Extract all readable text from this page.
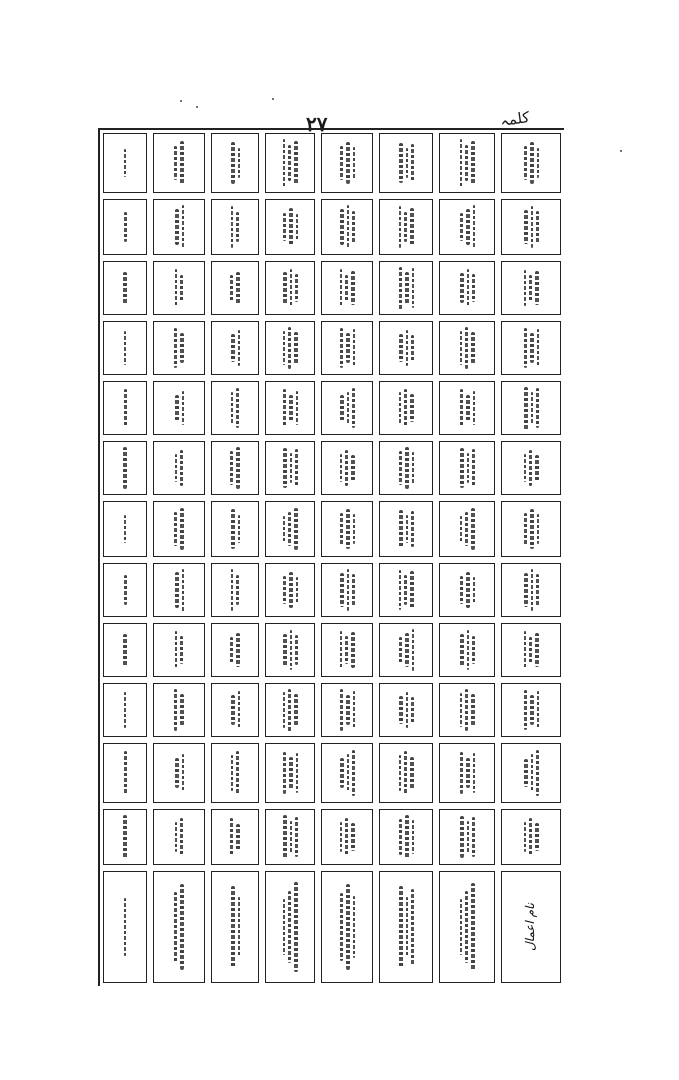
۲۷	کلمہ
نام اعمال
